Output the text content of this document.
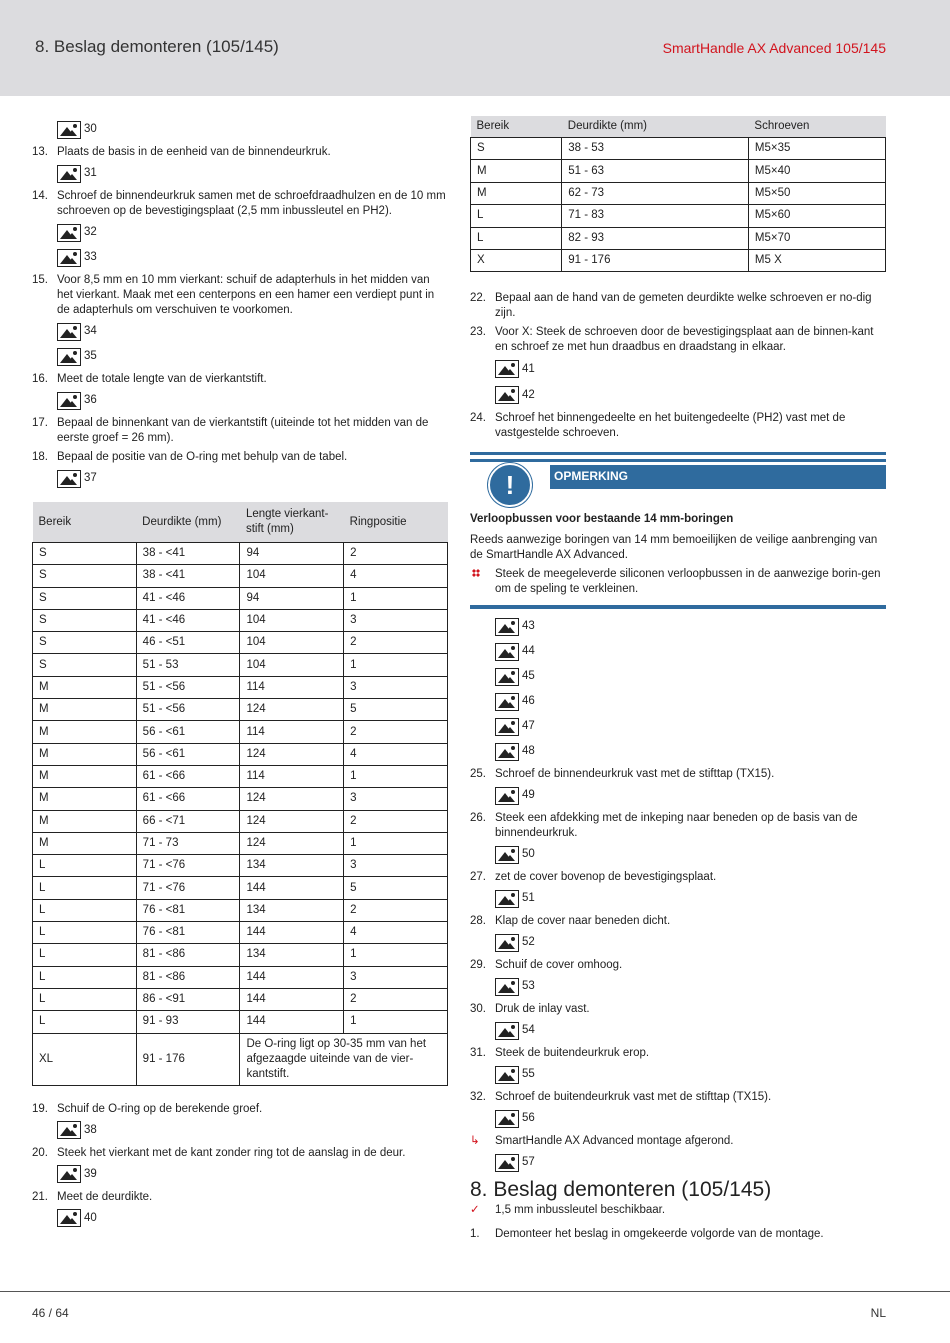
8. Beslag demonteren (105/145)	SmartHandle AX Advanced 105/145
30
13. Plaats de basis in de eenheid van de binnendeurkruk.
31
14. Schroef de binnendeurkruk samen met de schroefdraadhulzen en de 10 mm schroeven op de bevestigingsplaat (2,5 mm inbussleutel en PH2).
32
33
15. Voor 8,5 mm en 10 mm vierkant: schuif de adapterhuls in het midden van het vierkant. Maak met een centerpons en een hamer een verdiept punt in de adapterhuls om verschuiven te voorkomen.
34
35
16. Meet de totale lengte van de vierkantstift.
36
17. Bepaal de binnenkant van de vierkantstift (uiteinde tot het midden van de eerste groef = 26 mm).
18. Bepaal de positie van de O-ring met behulp van de tabel.
37
Bereik	Deurdikte (mm)	Lengte vierkant-stift (mm)	Ringpositie
S	38 - <41	94	2
S	38 - <41	104	4
S	41 - <46	94	1
S	41 - <46	104	3
S	46 - <51	104	2
S	51 - 53	104	1
M	51 - <56	114	3
M	51 - <56	124	5
M	56 - <61	114	2
M	56 - <61	124	4
M	61 - <66	114	1
M	61 - <66	124	3
M	66 - <71	124	2
M	71 - 73	124	1
L	71 - <76	134	3
L	71 - <76	144	5
L	76 - <81	134	2
L	76 - <81	144	4
L	81 - <86	134	1
L	81 - <86	144	3
L	86 - <91	144	2
L	91 - 93	144	1
XL	91 - 176	De O-ring ligt op 30-35 mm van het afgezaagde uiteinde van de vier-kantstift.	
19. Schuif de O-ring op de berekende groef.
38
20. Steek het vierkant met de kant zonder ring tot de aanslag in de deur.
39
21. Meet de deurdikte.
40
Bereik	Deurdikte (mm)	Schroeven
S	38 - 53	M5×35
M	51 - 63	M5×40
M	62 - 73	M5×50
L	71 - 83	M5×60
L	82 - 93	M5×70
X	91 - 176	M5 X
22. Bepaal aan de hand van de gemeten deurdikte welke schroeven er no-dig zijn.
23. Voor X: Steek de schroeven door de bevestigingsplaat aan de binnen-kant en schroef ze met hun draadbus en draadstang in elkaar.
41
42
24. Schroef het binnengedeelte en het buitengedeelte (PH2) vast met de vastgestelde schroeven.
!	OPMERKING
Verloopbussen voor bestaande 14 mm-boringen
Reeds aanwezige boringen van 14 mm bemoeilijken de veilige aanbrenging van de SmartHandle AX Advanced.
Steek de meegeleverde siliconen verloopbussen in de aanwezige borin-gen om de speling te verkleinen.
43
44
45
46
47
48
25. Schroef de binnendeurkruk vast met de stifttap (TX15).
49
26. Steek een afdekking met de inkeping naar beneden op de basis van de binnendeurkruk.
50
27. zet de cover bovenop de bevestigingsplaat.
51
28. Klap de cover naar beneden dicht.
52
29. Schuif de cover omhoog.
53
30. Druk de inlay vast.
54
31. Steek de buitendeurkruk erop.
55
32. Schroef de buitendeurkruk vast met de stifttap (TX15).
56
↳ SmartHandle AX Advanced montage afgerond.
57
8. Beslag demonteren (105/145)
✓ 1,5 mm inbussleutel beschikbaar.
1. Demonteer het beslag in omgekeerde volgorde van de montage.
46 / 64	NL
